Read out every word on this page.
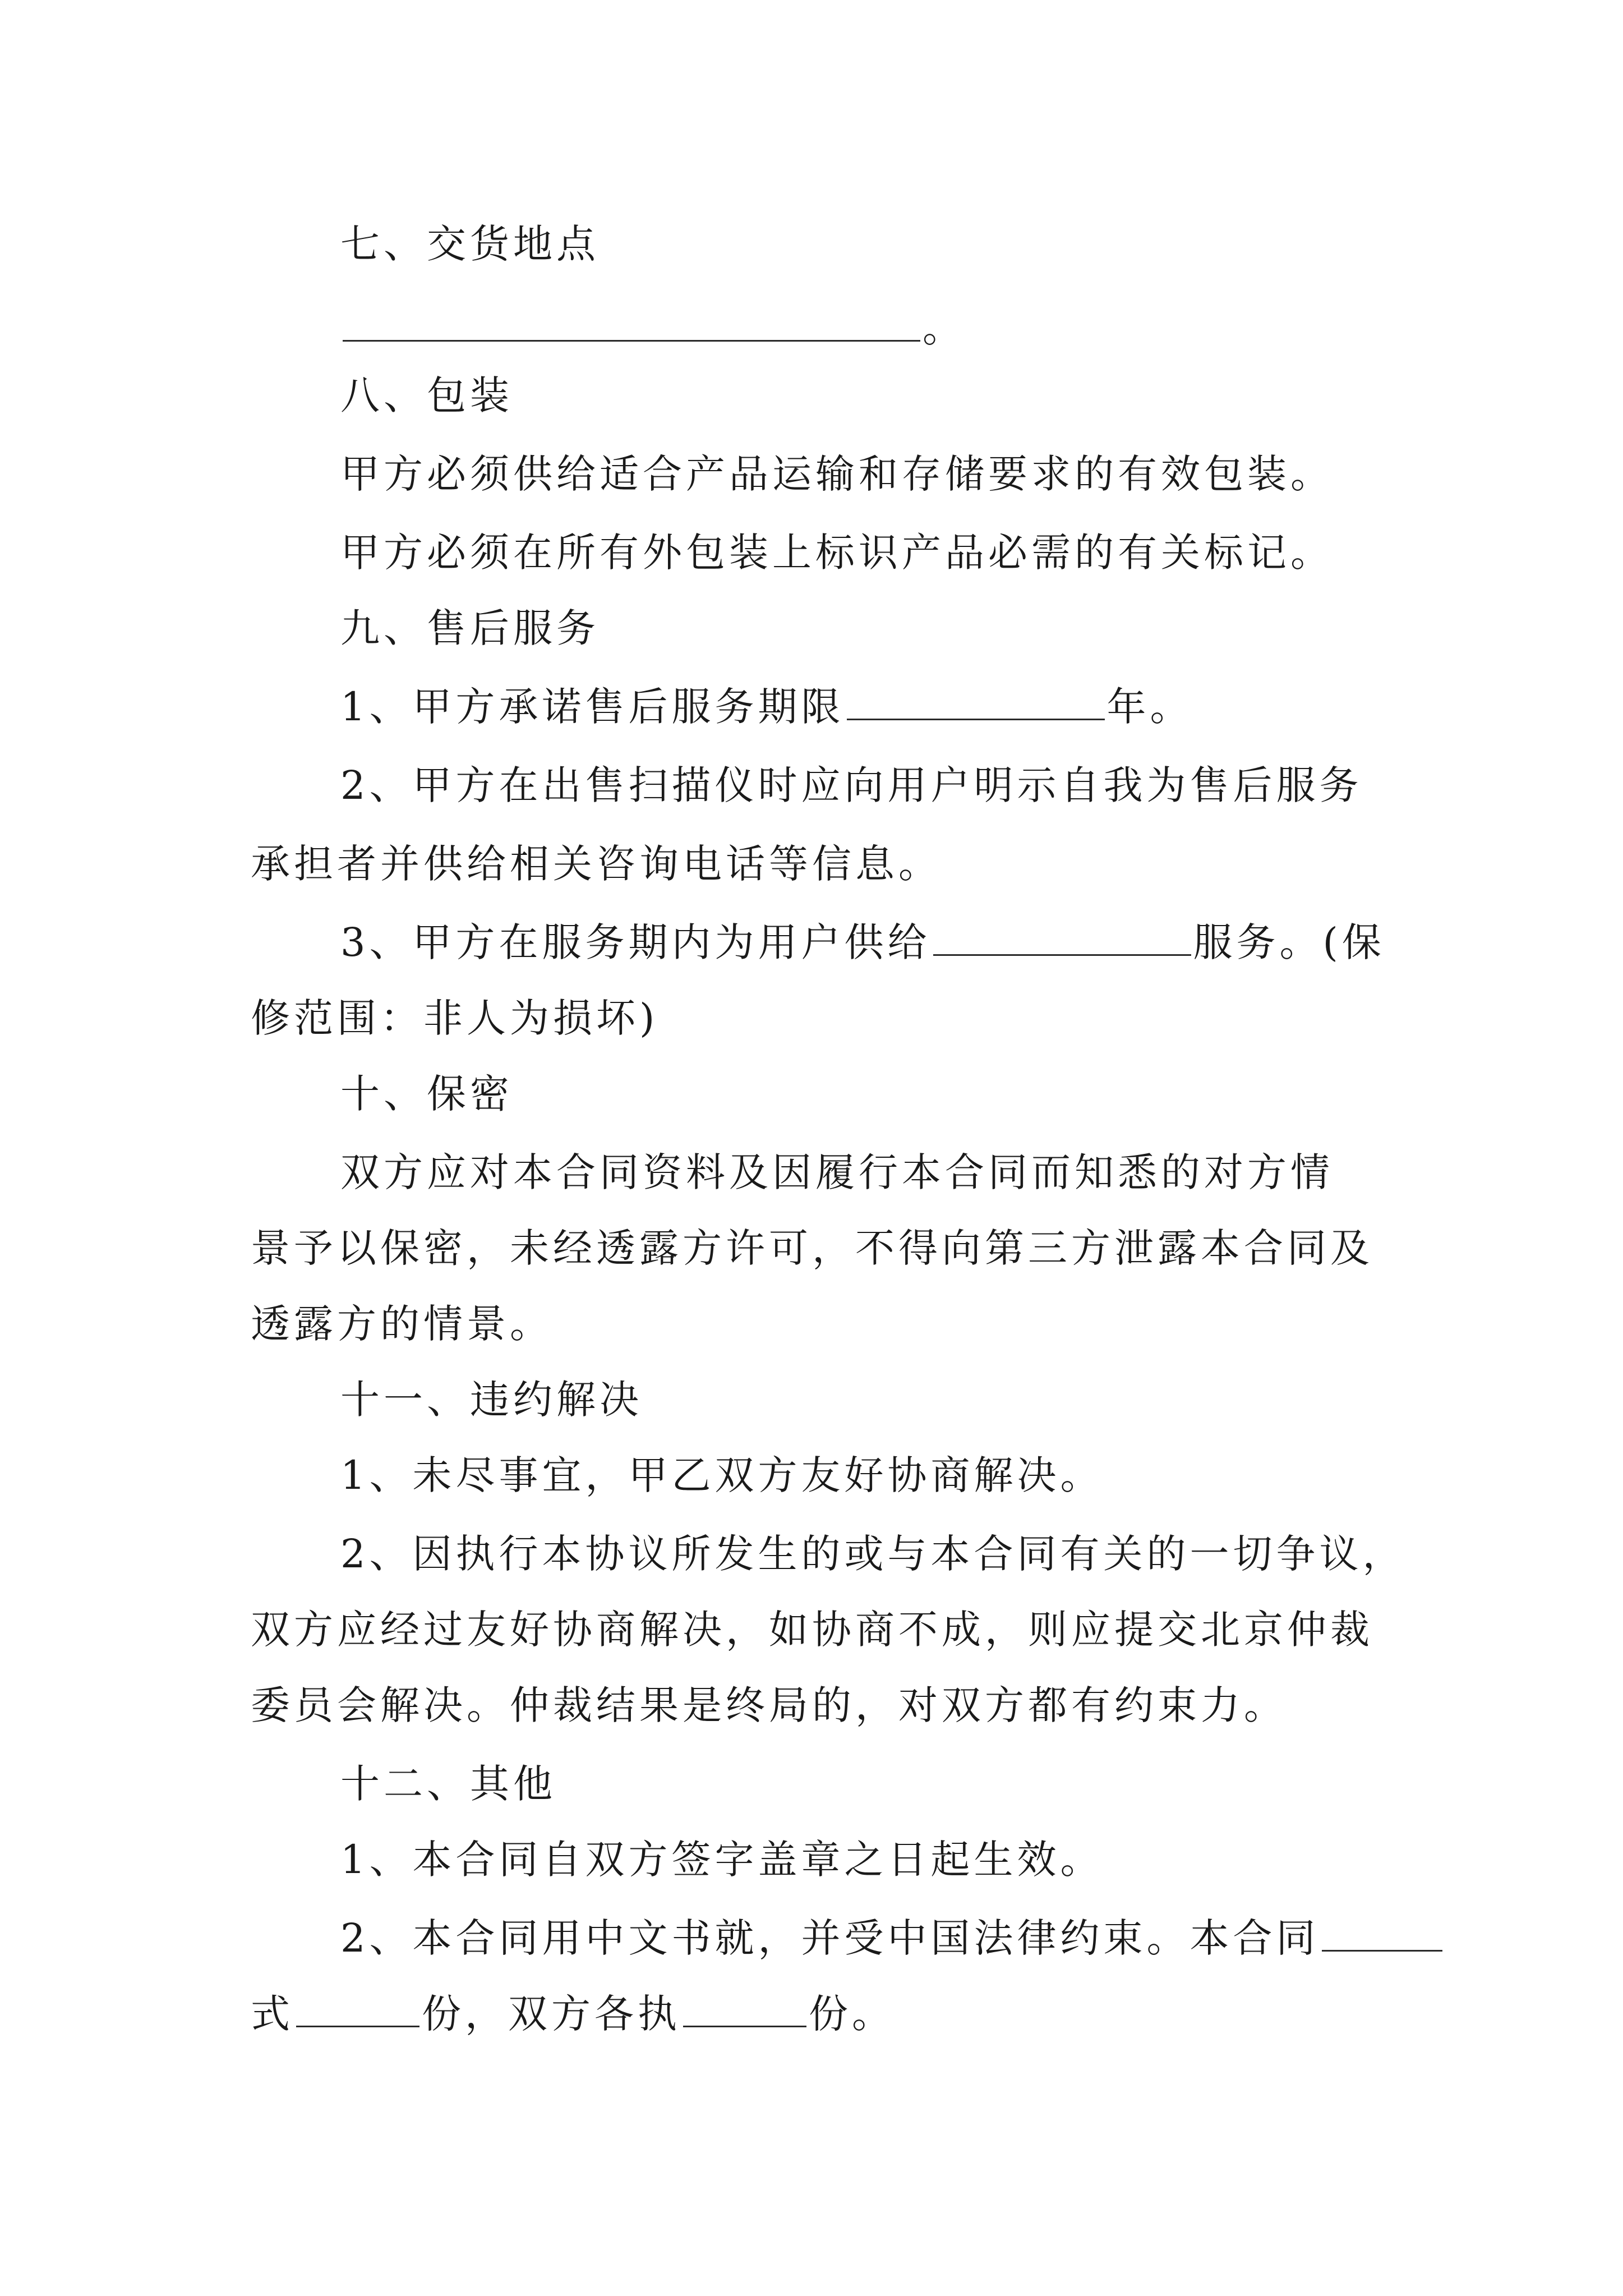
七、交货地点
。
八、包装
甲方必须供给适合产品运输和存储要求的有效包装。
甲方必须在所有外包装上标识产品必需的有关标记。
九、售后服务
1、甲方承诺售后服务期限	年。
2、甲方在出售扫描仪时应向用户明示自我为售后服务
承担者并供给相关咨询电话等信息。
3、甲方在服务期内为用户供给	服务。(保
修范围：非人为损坏)
十、保密
双方应对本合同资料及因履行本合同而知悉的对方情
景予以保密，未经透露方许可，不得向第三方泄露本合同及
透露方的情景。
十一、违约解决
1、未尽事宜，甲乙双方友好协商解决。
2、因执行本协议所发生的或与本合同有关的一切争议，
双方应经过友好协商解决，如协商不成，则应提交北京仲裁
委员会解决。仲裁结果是终局的，对双方都有约束力。
十二、其他
1、本合同自双方签字盖章之日起生效。
2、本合同用中文书就，并受中国法律约束。本合同
式	份，双方各执	份。
